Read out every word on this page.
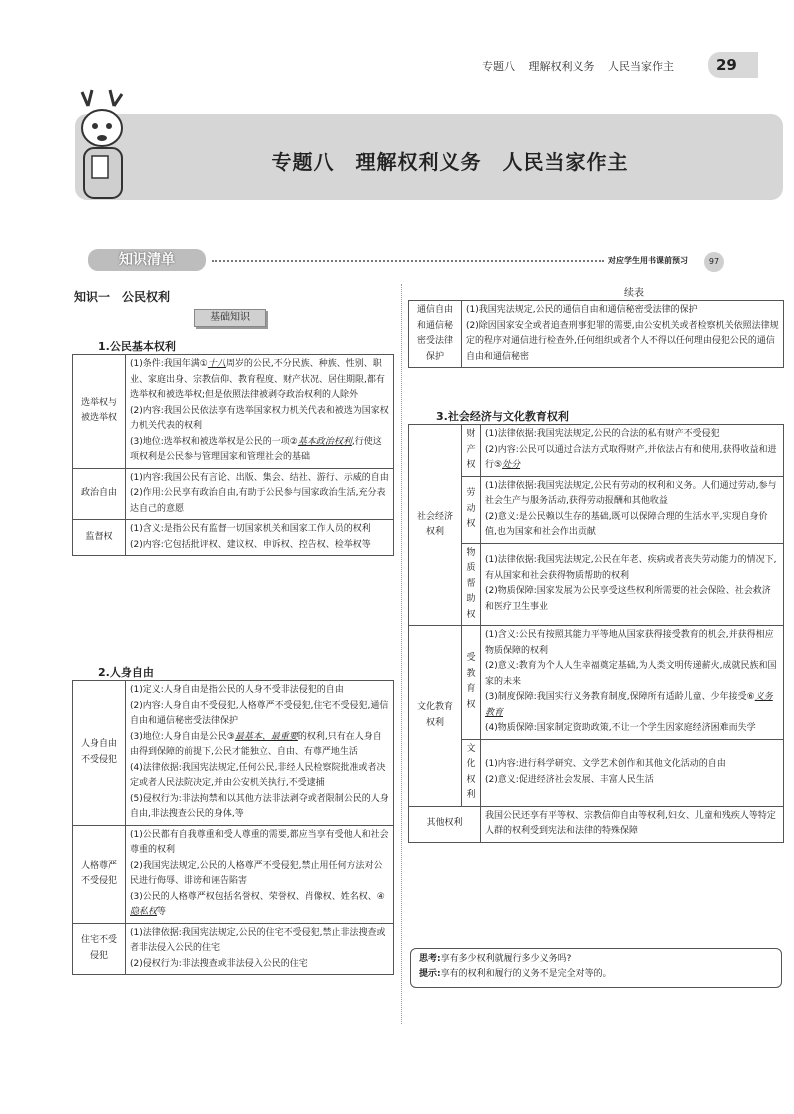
专题八 理解权利义务 人民当家作主	29
专题八　理解权利义务　人民当家作主
知识清单	对应学生用书课前预习	97
知识一　公民权利
基础知识
1.公民基本权利
选举权与被选举权	(1)条件:我国年满①十八周岁的公民,不分民族、种族、性别、职业、家庭出身、宗教信仰、教育程度、财产状况、居住期限,都有选举权和被选举权;但是依照法律被剥夺政治权利的人除外
(2)内容:我国公民依法享有选举国家权力机关代表和被选为国家权力机关代表的权利
(3)地位:选举权和被选举权是公民的一项②基本政治权利,行使这项权利是公民参与管理国家和管理社会的基础
政治自由	(1)内容:我国公民有言论、出版、集会、结社、游行、示威的自由
(2)作用:公民享有政治自由,有助于公民参与国家政治生活,充分表达自己的意愿
监督权	(1)含义:是指公民有监督一切国家机关和国家工作人员的权利
(2)内容:它包括批评权、建议权、申诉权、控告权、检举权等
2.人身自由
人身自由不受侵犯	(1)定义:人身自由是指公民的人身不受非法侵犯的自由
(2)内容:人身自由不受侵犯,人格尊严不受侵犯,住宅不受侵犯,通信自由和通信秘密受法律保护
(3)地位:人身自由是公民③最基本、最重要的权利,只有在人身自由得到保障的前提下,公民才能独立、自由、有尊严地生活
(4)法律依据:我国宪法规定,任何公民,非经人民检察院批准或者决定或者人民法院决定,并由公安机关执行,不受逮捕
(5)侵权行为:非法拘禁和以其他方法非法剥夺或者限制公民的人身自由,非法搜查公民的身体,等
人格尊严不受侵犯	(1)公民都有自我尊重和受人尊重的需要,都应当享有受他人和社会尊重的权利
(2)我国宪法规定,公民的人格尊严不受侵犯,禁止用任何方法对公民进行侮辱、诽谤和诬告陷害
(3)公民的人格尊严权包括名誉权、荣誉权、肖像权、姓名权、④隐私权等
住宅不受侵犯	(1)法律依据:我国宪法规定,公民的住宅不受侵犯,禁止非法搜查或者非法侵入公民的住宅
(2)侵权行为:非法搜查或非法侵入公民的住宅
续表
通信自由和通信秘密受法律保护	(1)我国宪法规定,公民的通信自由和通信秘密受法律的保护
(2)除因国家安全或者追查刑事犯罪的需要,由公安机关或者检察机关依照法律规定的程序对通信进行检查外,任何组织或者个人不得以任何理由侵犯公民的通信自由和通信秘密
3.社会经济与文化教育权利
社会经济权利	财产权	(1)法律依据:我国宪法规定,公民的合法的私有财产不受侵犯
(2)内容:公民可以通过合法方式取得财产,并依法占有和使用,获得收益和进行⑤处分
	劳动权	(1)法律依据:我国宪法规定,公民有劳动的权利和义务。人们通过劳动,参与社会生产与服务活动,获得劳动报酬和其他收益
(2)意义:是公民赖以生存的基础,既可以保障合理的生活水平,实现自身价值,也为国家和社会作出贡献
	物质帮助权	(1)法律依据:我国宪法规定,公民在年老、疾病或者丧失劳动能力的情况下,有从国家和社会获得物质帮助的权利
(2)物质保障:国家发展为公民享受这些权利所需要的社会保险、社会救济和医疗卫生事业
文化教育权利	受教育权	(1)含义:公民有按照其能力平等地从国家获得接受教育的机会,并获得相应物质保障的权利
(2)意义:教育为个人人生幸福奠定基础,为人类文明传递薪火,成就民族和国家的未来
(3)制度保障:我国实行义务教育制度,保障所有适龄儿童、少年接受⑥义务教育
(4)物质保障:国家制定资助政策,不让一个学生因家庭经济困难而失学
	文化权利	(1)内容:进行科学研究、文学艺术创作和其他文化活动的自由
(2)意义:促进经济社会发展、丰富人民生活
其他权利		我国公民还享有平等权、宗教信仰自由等权利,妇女、儿童和残疾人等特定人群的权利受到宪法和法律的特殊保障
思考:享有多少权利就履行多少义务吗?
提示:享有的权利和履行的义务不是完全对等的。
